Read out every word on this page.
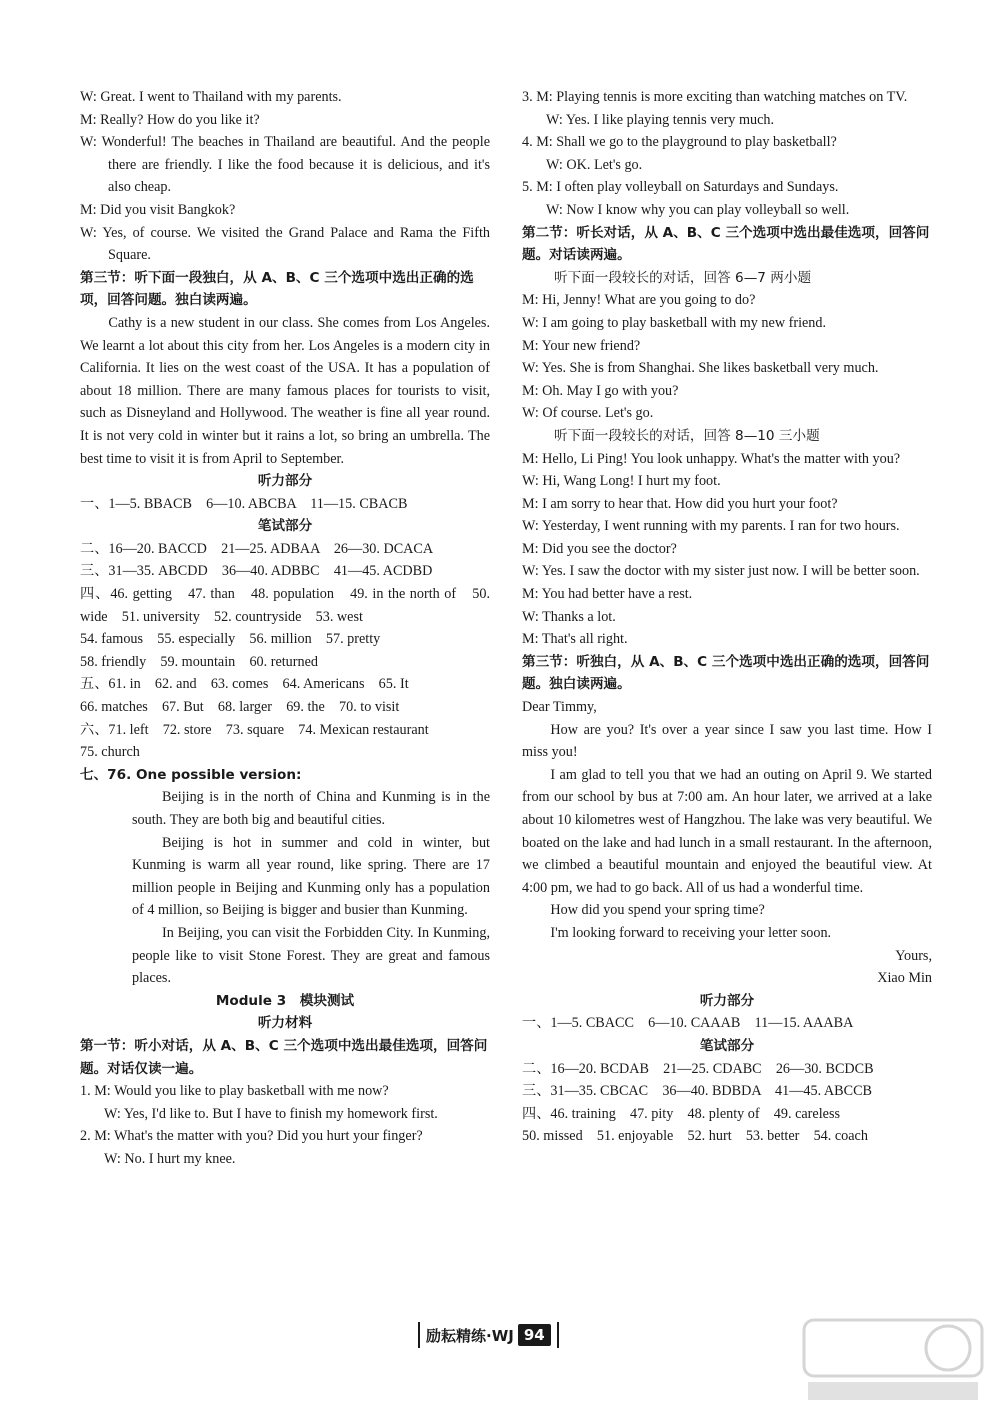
W: Great. I went to Thailand with my parents.

M: Really? How do you like it?

W: Wonderful! The beaches in Thailand are beautiful. And the people there are friendly. I like the food because it is delicious, and it's also cheap.

M: Did you visit Bangkok?

W: Yes, of course. We visited the Grand Palace and Rama the Fifth Square.

第三节：听下面一段独白，从 A、B、C 三个选项中选出正确的选项，回答问题。独白读两遍。

Cathy is a new student in our class. She comes from Los Angeles. We learnt a lot about this city from her. Los Angeles is a modern city in California. It lies on the west coast of the USA. It has a population of about 18 million. There are many famous places for tourists to visit, such as Disneyland and Hollywood. The weather is fine all year round. It is not very cold in winter but it rains a lot, so bring an umbrella. The best time to visit it is from April to September.

听力部分

一、1—5. BBACB　6—10. ABCBA　11—15. CBACB

笔试部分

二、16—20. BACCD　21—25. ADBAA　26—30. DCACA

三、31—35. ABCDD　36—40. ADBBC　41—45. ACDBD

四、46. getting　47. than　48. population　49. in the north of　50. wide　51. university　52. countryside　53. west

54. famous　55. especially　56. million　57. pretty

58. friendly　59. mountain　60. returned

五、61. in　62. and　63. comes　64. Americans　65. It

66. matches　67. But　68. larger　69. the　70. to visit

六、71. left　72. store　73. square　74. Mexican restaurant

75. church

七、76. One possible version:

Beijing is in the north of China and Kunming is in the south. They are both big and beautiful cities.

Beijing is hot in summer and cold in winter, but Kunming is warm all year round, like spring. There are 17 million people in Beijing and Kunming only has a population of 4 million, so Beijing is bigger and busier than Kunming.

In Beijing, you can visit the Forbidden City. In Kunming, people like to visit Stone Forest. They are great and famous places.

Module 3　模块测试

听力材料

第一节：听小对话，从 A、B、C 三个选项中选出最佳选项，回答问题。对话仅读一遍。

1. M: Would you like to play basketball with me now?

W: Yes, I'd like to. But I have to finish my homework first.

2. M: What's the matter with you? Did you hurt your finger?

W: No. I hurt my knee.

3. M: Playing tennis is more exciting than watching matches on TV.

W: Yes. I like playing tennis very much.

4. M: Shall we go to the playground to play basketball?

W: OK. Let's go.

5. M: I often play volleyball on Saturdays and Sundays.

W: Now I know why you can play volleyball so well.

第二节：听长对话，从 A、B、C 三个选项中选出最佳选项，回答问题。对话读两遍。

听下面一段较长的对话，回答 6—7 两小题

M: Hi, Jenny! What are you going to do?

W: I am going to play basketball with my new friend.

M: Your new friend?

W: Yes. She is from Shanghai. She likes basketball very much.

M: Oh. May I go with you?

W: Of course. Let's go.

听下面一段较长的对话，回答 8—10 三小题

M: Hello, Li Ping! You look unhappy. What's the matter with you?

W: Hi, Wang Long! I hurt my foot.

M: I am sorry to hear that. How did you hurt your foot?

W: Yesterday, I went running with my parents. I ran for two hours.

M: Did you see the doctor?

W: Yes. I saw the doctor with my sister just now. I will be better soon.

M: You had better have a rest.

W: Thanks a lot.

M: That's all right.

第三节：听独白，从 A、B、C 三个选项中选出正确的选项，回答问题。独白读两遍。

Dear Timmy,

How are you? It's over a year since I saw you last time. How I miss you!

I am glad to tell you that we had an outing on April 9. We started from our school by bus at 7:00 am. An hour later, we arrived at a lake about 10 kilometres west of Hangzhou. The lake was very beautiful. We boated on the lake and had lunch in a small restaurant. In the afternoon, we climbed a beautiful mountain and enjoyed the beautiful view. At 4:00 pm, we had to go back. All of us had a wonderful time.

How did you spend your spring time?

I'm looking forward to receiving your letter soon.

Yours,

Xiao Min

听力部分

一、1—5. CBACC　6—10. CAAAB　11—15. AAABA

笔试部分

二、16—20. BCDAB　21—25. CDABC　26—30. BCDCB

三、31—35. CBCAC　36—40. BDBDA　41—45. ABCCB

四、46. training　47. pity　48. plenty of　49. careless

50. missed　51. enjoyable　52. hurt　53. better　54. coach

励耘精练·WJ 94
